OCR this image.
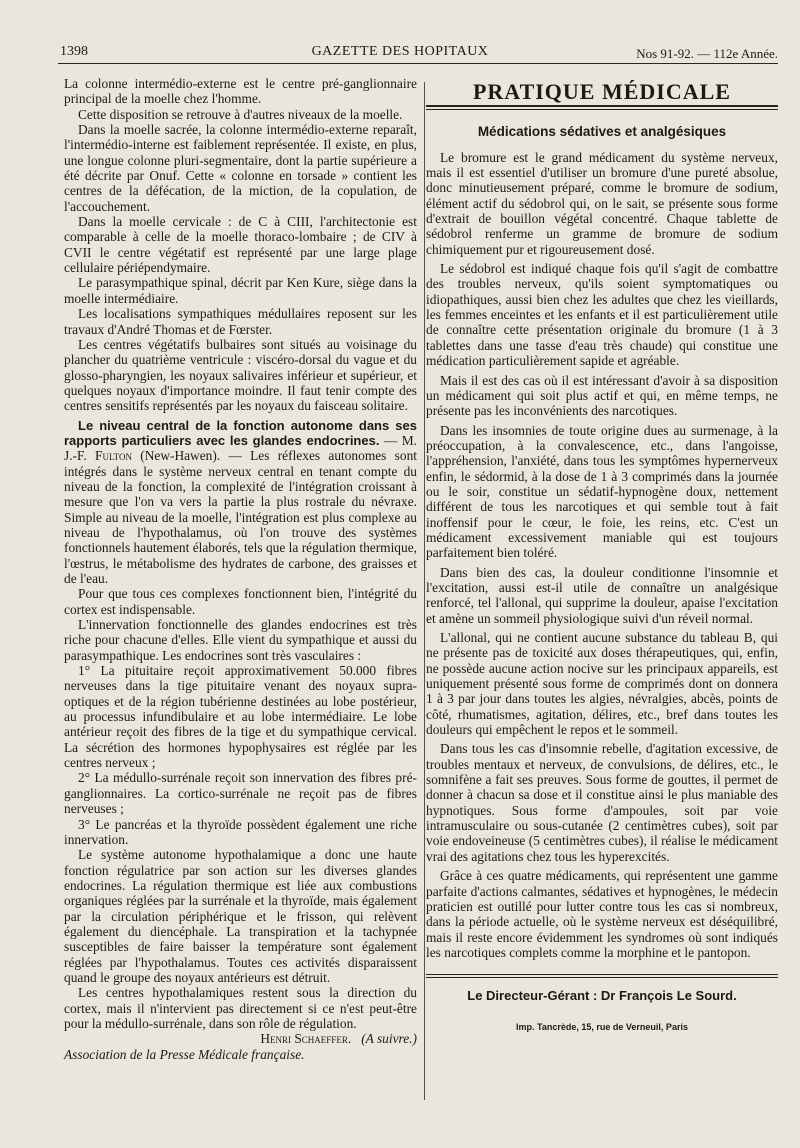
1398	GAZETTE DES HOPITAUX	Nos 91-92. — 112e Année.

La colonne intermédio-externe est le centre pré-ganglionnaire principal de la moelle chez l'homme.

Cette disposition se retrouve à d'autres niveaux de la moelle.

Dans la moelle sacrée, la colonne intermédio-externe reparaît, l'intermédio-interne est faiblement représentée. Il existe, en plus, une longue colonne pluri-segmentaire, dont la partie supérieure a été décrite par Onuf. Cette « colonne en torsade » contient les centres de la défécation, de la miction, de la copulation, de l'accouchement.

Dans la moelle cervicale : de C à CIII, l'architectonie est comparable à celle de la moelle thoraco-lombaire ; de CIV à CVII le centre végétatif est représenté par une large plage cellulaire périépendymaire.

Le parasympathique spinal, décrit par Ken Kure, siège dans la moelle intermédiaire.

Les localisations sympathiques médullaires reposent sur les travaux d'André Thomas et de Fœrster.

Les centres végétatifs bulbaires sont situés au voisinage du plancher du quatrième ventricule : viscéro-dorsal du vague et du glosso-pharyngien, les noyaux salivaires inférieur et supérieur, et quelques noyaux d'importance moindre. Il faut tenir compte des centres sensitifs représentés par les noyaux du faisceau solitaire.

Le niveau central de la fonction autonome dans ses rapports particuliers avec les glandes endocrines. — M. J.-F. Fulton (New-Hawen). — Les réflexes autonomes sont intégrés dans le système nerveux central en tenant compte du niveau de la fonction, la complexité de l'intégration croissant à mesure que l'on va vers la partie la plus rostrale du névraxe. Simple au niveau de la moelle, l'intégration est plus complexe au niveau de l'hypothalamus, où l'on trouve des systèmes fonctionnels hautement élaborés, tels que la régulation thermique, l'œstrus, le métabolisme des hydrates de carbone, des graisses et de l'eau.

Pour que tous ces complexes fonctionnent bien, l'intégrité du cortex est indispensable.

L'innervation fonctionnelle des glandes endocrines est très riche pour chacune d'elles. Elle vient du sympathique et aussi du parasympathique. Les endocrines sont très vasculaires :

1° La pituitaire reçoit approximativement 50.000 fibres nerveuses dans la tige pituitaire venant des noyaux supra-optiques et de la région tubérienne destinées au lobe postérieur, au processus infundibulaire et au lobe intermédiaire. Le lobe antérieur reçoit des fibres de la tige et du sympathique cervical. La sécrétion des hormones hypophysaires est réglée par les centres nerveux ;

2° La médullo-surrénale reçoit son innervation des fibres pré-ganglionnaires. La cortico-surrénale ne reçoit pas de fibres nerveuses ;

3° Le pancréas et la thyroïde possèdent également une riche innervation.

Le système autonome hypothalamique a donc une haute fonction régulatrice par son action sur les diverses glandes endocrines. La régulation thermique est liée aux combustions organiques réglées par la surrénale et la thyroïde, mais également par la circulation périphérique et le frisson, qui relèvent également du diencéphale. La transpiration et la tachypnée susceptibles de faire baisser la température sont également réglées par l'hypothalamus. Toutes ces activités disparaissent quand le groupe des noyaux antérieurs est détruit.

Les centres hypothalamiques restent sous la direction du cortex, mais il n'intervient pas directement si ce n'est peut-être pour la médullo-surrénale, dans son rôle de régulation.

Henri Schaeffer. (A suivre.)

Association de la Presse Médicale française.

PRATIQUE MÉDICALE
Médications sédatives et analgésiques

Le bromure est le grand médicament du système nerveux, mais il est essentiel d'utiliser un bromure d'une pureté absolue, donc minutieusement préparé, comme le bromure de sodium, élément actif du sédobrol qui, on le sait, se présente sous forme d'extrait de bouillon végétal concentré. Chaque tablette de sédobrol renferme un gramme de bromure de sodium chimiquement pur et rigoureusement dosé.

Le sédobrol est indiqué chaque fois qu'il s'agit de combattre des troubles nerveux, qu'ils soient symptomatiques ou idiopathiques, aussi bien chez les adultes que chez les vieillards, les femmes enceintes et les enfants et il est particulièrement utile de connaître cette présentation originale du bromure (1 à 3 tablettes dans une tasse d'eau très chaude) qui constitue une médication particulièrement sapide et agréable.

Mais il est des cas où il est intéressant d'avoir à sa disposition un médicament qui soit plus actif et qui, en même temps, ne présente pas les inconvénients des narcotiques.

Dans les insomnies de toute origine dues au surmenage, à la préoccupation, à la convalescence, etc., dans l'angoisse, l'appréhension, l'anxiété, dans tous les symptômes hypernerveux enfin, le sédormid, à la dose de 1 à 3 comprimés dans la journée ou le soir, constitue un sédatif-hypnogène doux, nettement différent de tous les narcotiques et qui semble tout à fait inoffensif pour le cœur, le foie, les reins, etc. C'est un médicament excessivement maniable qui est toujours parfaitement bien toléré.

Dans bien des cas, la douleur conditionne l'insomnie et l'excitation, aussi est-il utile de connaître un analgésique renforcé, tel l'allonal, qui supprime la douleur, apaise l'excitation et amène un sommeil physiologique suivi d'un réveil normal.

L'allonal, qui ne contient aucune substance du tableau B, qui ne présente pas de toxicité aux doses thérapeutiques, qui, enfin, ne possède aucune action nocive sur les principaux appareils, est uniquement présenté sous forme de comprimés dont on donnera 1 à 3 par jour dans toutes les algies, névralgies, abcès, points de côté, rhumatismes, agitation, délires, etc., bref dans toutes les douleurs qui empêchent le repos et le sommeil.

Dans tous les cas d'insomnie rebelle, d'agitation excessive, de troubles mentaux et nerveux, de convulsions, de délires, etc., le somnifène a fait ses preuves. Sous forme de gouttes, il permet de donner à chacun sa dose et il constitue ainsi le plus maniable des hypnotiques. Sous forme d'ampoules, soit par voie intramusculaire ou sous-cutanée (2 centimètres cubes), soit par voie endoveineuse (5 centimètres cubes), il réalise le médicament vrai des agitations chez tous les hyperexcités.

Grâce à ces quatre médicaments, qui représentent une gamme parfaite d'actions calmantes, sédatives et hypnogènes, le médecin praticien est outillé pour lutter contre tous les cas si nombreux, dans la période actuelle, où le système nerveux est déséquilibré, mais il reste encore évidemment les syndromes où sont indiqués les narcotiques complets comme la morphine et le pantopon.

Le Directeur-Gérant : Dr François Le Sourd.
Imp. Tancrède, 15, rue de Verneuil, Paris
